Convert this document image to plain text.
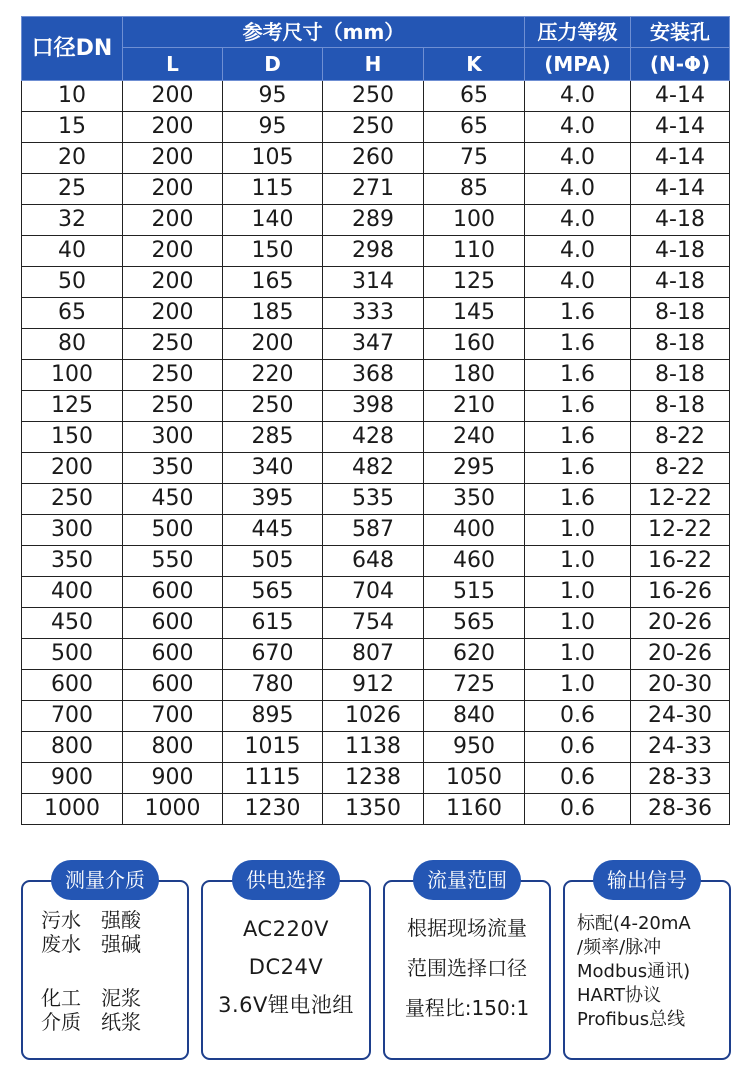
口径DN	参考尺寸（mm）				压力等级	安装孔
	L	D	H	K	(MPA)	(N-Φ)
10	200	95	250	65	4.0	4-14
15	200	95	250	65	4.0	4-14
20	200	105	260	75	4.0	4-14
25	200	115	271	85	4.0	4-14
32	200	140	289	100	4.0	4-18
40	200	150	298	110	4.0	4-18
50	200	165	314	125	4.0	4-18
65	200	185	333	145	1.6	8-18
80	250	200	347	160	1.6	8-18
100	250	220	368	180	1.6	8-18
125	250	250	398	210	1.6	8-18
150	300	285	428	240	1.6	8-22
200	350	340	482	295	1.6	8-22
250	450	395	535	350	1.6	12-22
300	500	445	587	400	1.0	12-22
350	550	505	648	460	1.0	16-22
400	600	565	704	515	1.0	16-26
450	600	615	754	565	1.0	20-26
500	600	670	807	620	1.0	20-26
600	600	780	912	725	1.0	20-30
700	700	895	1026	840	0.6	24-30
800	800	1015	1138	950	0.6	24-33
900	900	1115	1238	1050	0.6	28-33
1000	1000	1230	1350	1160	0.6	28-36
测量介质
污水 强酸
废水 强碱
化工 泥浆
介质 纸浆
供电选择
AC220V
DC24V
3.6V锂电池组
流量范围
根据现场流量
范围选择口径
量程比:150:1
输出信号
标配(4-20mA
/频率/脉冲
Modbus通讯)
HART协议
Profibus总线
